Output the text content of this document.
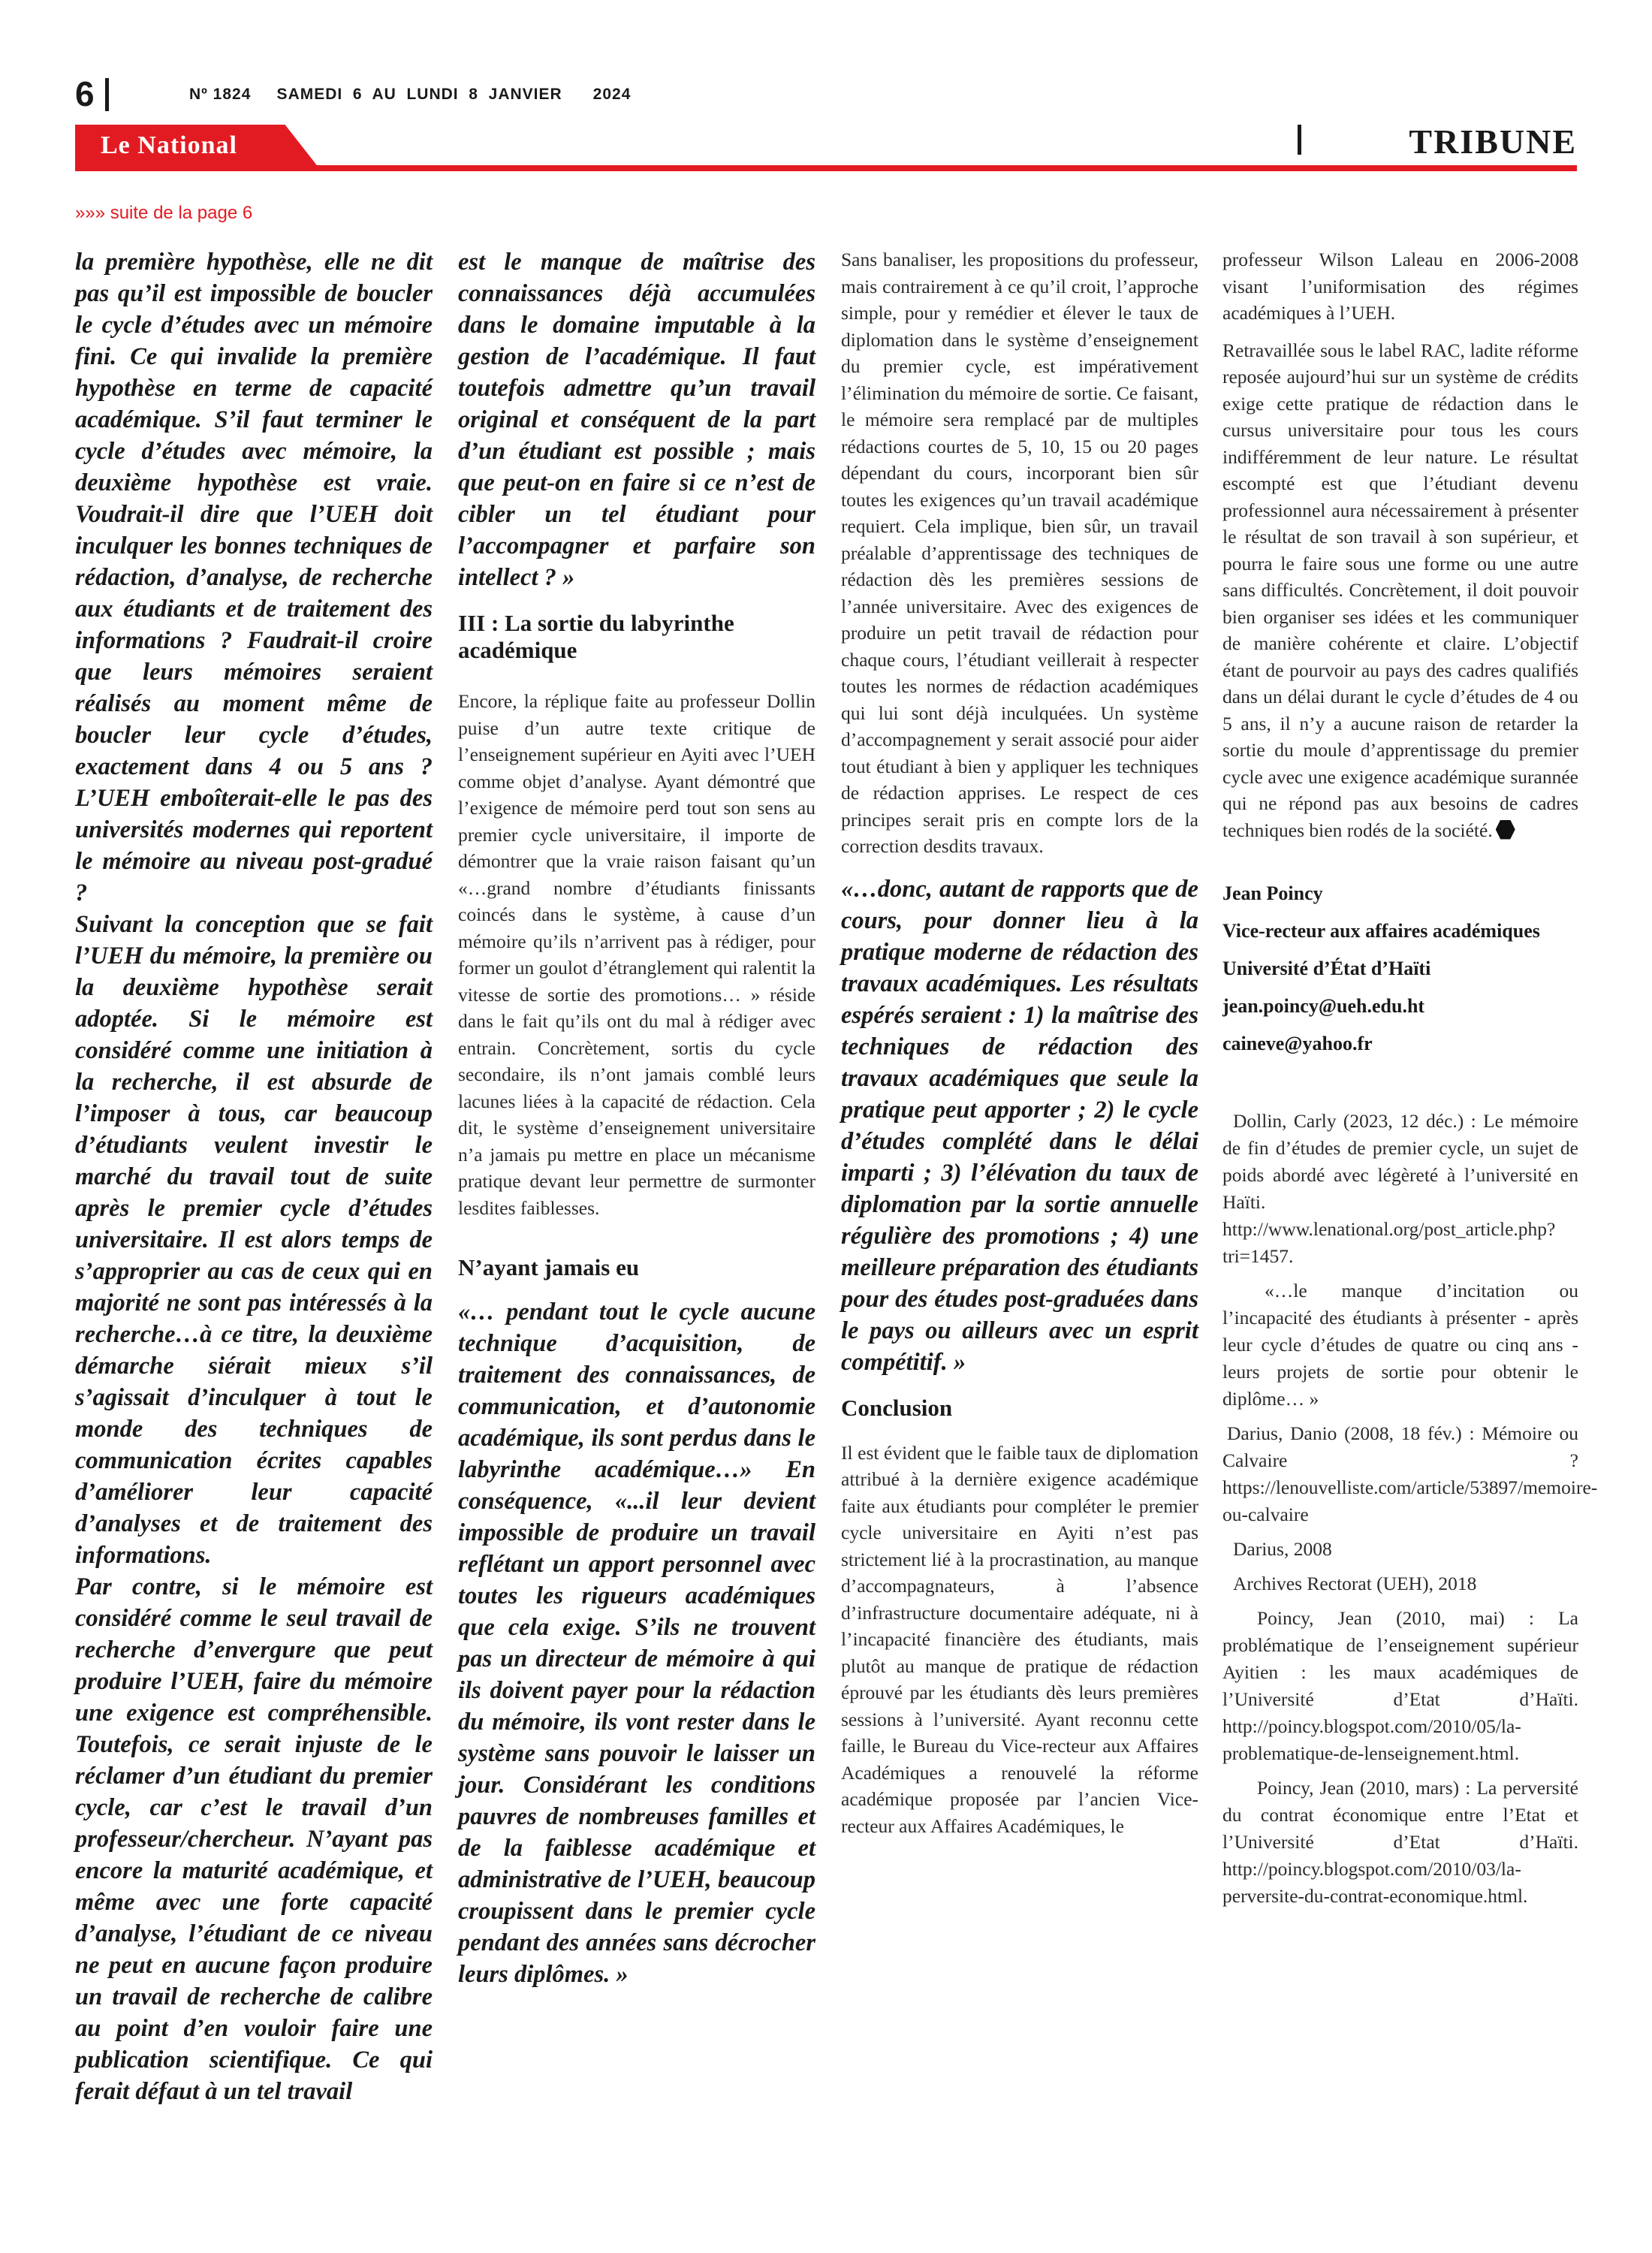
6	Nº 1824     SAMEDI  6  AU  LUNDI  8  JANVIER      2024
Le National	TRIBUNE
»»» suite de la page 6

la première hypothèse, elle ne dit pas qu’il est impossible de boucler le cycle d’études avec un mémoire fini. Ce qui invalide la première hypothèse en terme de capacité académique. S’il faut terminer le cycle d’études avec mémoire, la deuxième hypothèse est vraie. Voudrait-il dire que l’UEH doit inculquer les bonnes techniques de rédaction, d’analyse, de recherche aux étudiants et de traitement des informations ? Faudrait-il croire que leurs mémoires seraient réalisés au moment même de boucler leur cycle d’études, exactement dans 4 ou 5 ans ? L’UEH emboîterait-elle le pas des universités modernes qui reportent le mémoire au niveau post-gradué ?

Suivant la conception que se fait l’UEH du mémoire, la première ou la deuxième hypothèse serait adoptée. Si le mémoire est considéré comme une initiation à la recherche, il est absurde de l’imposer à tous, car beaucoup d’étudiants veulent investir le marché du travail tout de suite après le premier cycle d’études universitaire. Il est alors temps de s’approprier au cas de ceux qui en majorité ne sont pas intéressés à la recherche…à ce titre, la deuxième démarche siérait mieux s’il s’agissait d’inculquer à tout le monde des techniques de communication écrites capables d’améliorer leur capacité d’analyses et de traitement des informations.

Par contre, si le mémoire est considéré comme le seul travail de recherche d’envergure que peut produire l’UEH, faire du mémoire une exigence est compréhensible. Toutefois, ce serait injuste de le réclamer d’un étudiant du premier cycle, car c’est le travail d’un professeur/chercheur. N’ayant pas encore la maturité académique, et même avec une forte capacité d’analyse, l’étudiant de ce niveau ne peut en aucune façon produire un travail de recherche de calibre au point d’en vouloir faire une publication scientifique. Ce qui ferait défaut à un tel travail

est le manque de maîtrise des connaissances déjà accumulées dans le domaine imputable à la gestion de l’académique. Il faut toutefois admettre qu’un travail original et conséquent de la part d’un étudiant est possible ; mais que peut-on en faire si ce n’est de cibler un tel étudiant pour l’accompagner et parfaire son intellect ? »

III : La sortie du labyrinthe académique

Encore, la réplique faite au professeur Dollin puise d’un autre texte critique de l’enseignement supérieur en Ayiti avec l’UEH comme objet d’analyse. Ayant démontré que l’exigence de mémoire perd tout son sens au premier cycle universitaire, il importe de démontrer que la vraie raison faisant qu’un «…grand nombre d’étudiants finissants coincés dans le système, à cause d’un mémoire qu’ils n’arrivent pas à rédiger, pour former un goulot d’étranglement qui ralentit la vitesse de sortie des promotions… » réside dans le fait qu’ils ont du mal à rédiger avec entrain. Concrètement, sortis du cycle secondaire, ils n’ont jamais comblé leurs lacunes liées à la capacité de rédaction. Cela dit, le système d’enseignement universitaire n’a jamais pu mettre en place un mécanisme pratique devant leur permettre de surmonter lesdites faiblesses.

N’ayant jamais eu

«… pendant tout le cycle aucune technique d’acquisition, de traitement des connaissances, de communication, et d’autonomie académique, ils sont perdus dans le labyrinthe académique…» En conséquence, «...il leur devient impossible de produire un travail reflétant un apport personnel avec toutes les rigueurs académiques que cela exige. S’ils ne trouvent pas un directeur de mémoire à qui ils doivent payer pour la rédaction du mémoire, ils vont rester dans le système sans pouvoir le laisser un jour. Considérant les conditions pauvres de nombreuses familles et de la faiblesse académique et administrative de l’UEH, beaucoup croupissent dans le premier cycle pendant des années sans décrocher leurs diplômes. »

Sans banaliser, les propositions du professeur, mais contrairement à ce qu’il croit, l’approche simple, pour y remédier et élever le taux de diplomation dans le système d’enseignement du premier cycle, est impérativement l’élimination du mémoire de sortie. Ce faisant, le mémoire sera remplacé par de multiples rédactions courtes de 5, 10, 15 ou 20 pages dépendant du cours, incorporant bien sûr toutes les exigences qu’un travail académique requiert. Cela implique, bien sûr, un travail préalable d’apprentissage des techniques de rédaction dès les premières sessions de l’année universitaire. Avec des exigences de produire un petit travail de rédaction pour chaque cours, l’étudiant veillerait à respecter toutes les normes de rédaction académiques qui lui sont déjà inculquées. Un système d’accompagnement y serait associé pour aider tout étudiant à bien y appliquer les techniques de rédaction apprises. Le respect de ces principes serait pris en compte lors de la correction desdits travaux.

«…donc, autant de rapports que de cours, pour donner lieu à la pratique moderne de rédaction des travaux académiques. Les résultats espérés seraient : 1) la maîtrise des techniques de rédaction des travaux académiques que seule la pratique peut apporter ; 2) le cycle d’études complété dans le délai imparti ; 3) l’élévation du taux de diplomation par la sortie annuelle régulière des promotions ; 4) une meilleure préparation des étudiants pour des études post-graduées dans le pays ou ailleurs avec un esprit compétitif. »

Conclusion

Il est évident que le faible taux de diplomation attribué à la dernière exigence académique faite aux étudiants pour compléter le premier cycle universitaire en Ayiti n’est pas strictement lié à la procrastination, au manque d’accompagnateurs, à l’absence d’infrastructure documentaire adéquate, ni à l’incapacité financière des étudiants, mais plutôt au manque de pratique de rédaction éprouvé par les étudiants dès leurs premières sessions à l’université. Ayant reconnu cette faille, le Bureau du Vice-recteur aux Affaires Académiques a renouvelé la réforme académique proposée par l’ancien Vice-recteur aux Affaires Académiques, le

professeur Wilson Laleau en 2006-2008 visant l’uniformisation des régimes académiques à l’UEH.

Retravaillée sous le label RAC, ladite réforme reposée aujourd’hui sur un système de crédits exige cette pratique de rédaction dans le cursus universitaire pour tous les cours indifféremment de leur nature. Le résultat escompté est que l’étudiant devenu professionnel aura nécessairement à présenter le résultat de son travail à son supérieur, et pourra le faire sous une forme ou une autre sans difficultés. Concrètement, il doit pouvoir bien organiser ses idées et les communiquer de manière cohérente et claire. L’objectif étant de pourvoir au pays des cadres qualifiés dans un délai durant le cycle d’études de 4 ou 5 ans, il n’y a aucune raison de retarder la sortie du moule d’apprentissage du premier cycle avec une exigence académique surannée qui ne répond pas aux besoins de cadres techniques bien rodés de la société.

Jean Poincy
Vice-recteur aux affaires académiques
Université d’État d’Haïti
jean.poincy@ueh.edu.ht
caineve@yahoo.fr

Dollin, Carly (2023, 12 déc.) : Le mémoire de fin d’études de premier cycle, un sujet de poids abordé avec légèreté à l’université en Haïti. http://www.lenational.org/post_article.php?tri=1457.

«…le manque d’incitation ou l’incapacité des étudiants à présenter - après leur cycle d’études de quatre ou cinq ans - leurs projets de sortie pour obtenir le diplôme… »

Darius, Danio (2008, 18 fév.) : Mémoire ou Calvaire ? https://lenouvelliste.com/article/53897/memoire-ou-calvaire

Darius, 2008

Archives Rectorat (UEH), 2018

Poincy, Jean (2010, mai) : La problématique de l’enseignement supérieur Ayitien : les maux académiques de l’Université d’Etat d’Haïti. http://poincy.blogspot.com/2010/05/la-problematique-de-lenseignement.html.

Poincy, Jean (2010, mars) : La perversité du contrat économique entre l’Etat et l’Université d’Etat d’Haïti. http://poincy.blogspot.com/2010/03/la-perversite-du-contrat-economique.html.
